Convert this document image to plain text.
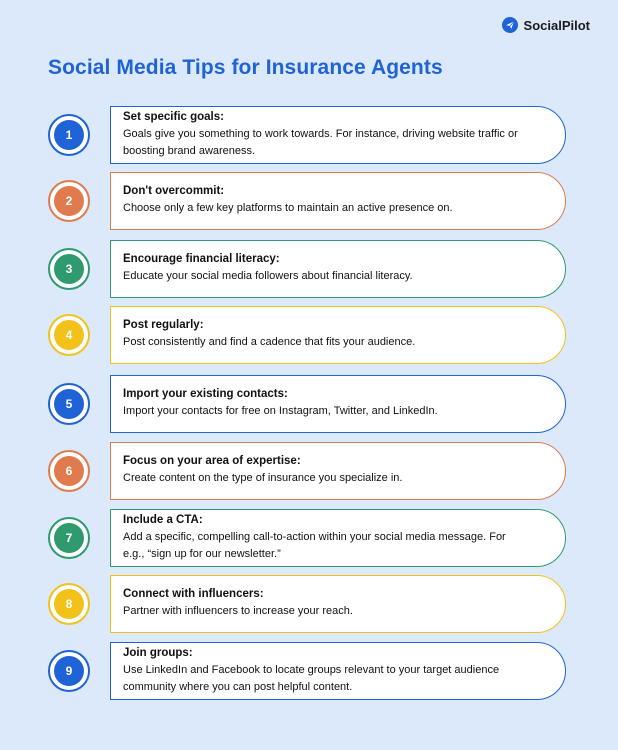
SocialPilot
Social Media Tips for Insurance Agents
1
Set specific goals:
Goals give you something to work towards. For instance, driving website traffic or boosting brand awareness.
2
Don't overcommit:
Choose only a few key platforms to maintain an active presence on.
3
Encourage financial literacy:
Educate your social media followers about financial literacy.
4
Post regularly:
Post consistently and find a cadence that fits your audience.
5
Import your existing contacts:
Import your contacts for free on Instagram, Twitter, and LinkedIn.
6
Focus on your area of expertise:
Create content on the type of insurance you specialize in.
7
Include a CTA:
Add a specific, compelling call-to-action within your social media message. For e.g., “sign up for our newsletter.”
8
Connect with influencers:
Partner with influencers to increase your reach.
9
Join groups:
Use LinkedIn and Facebook to locate groups relevant to your target audience community where you can post helpful content.
